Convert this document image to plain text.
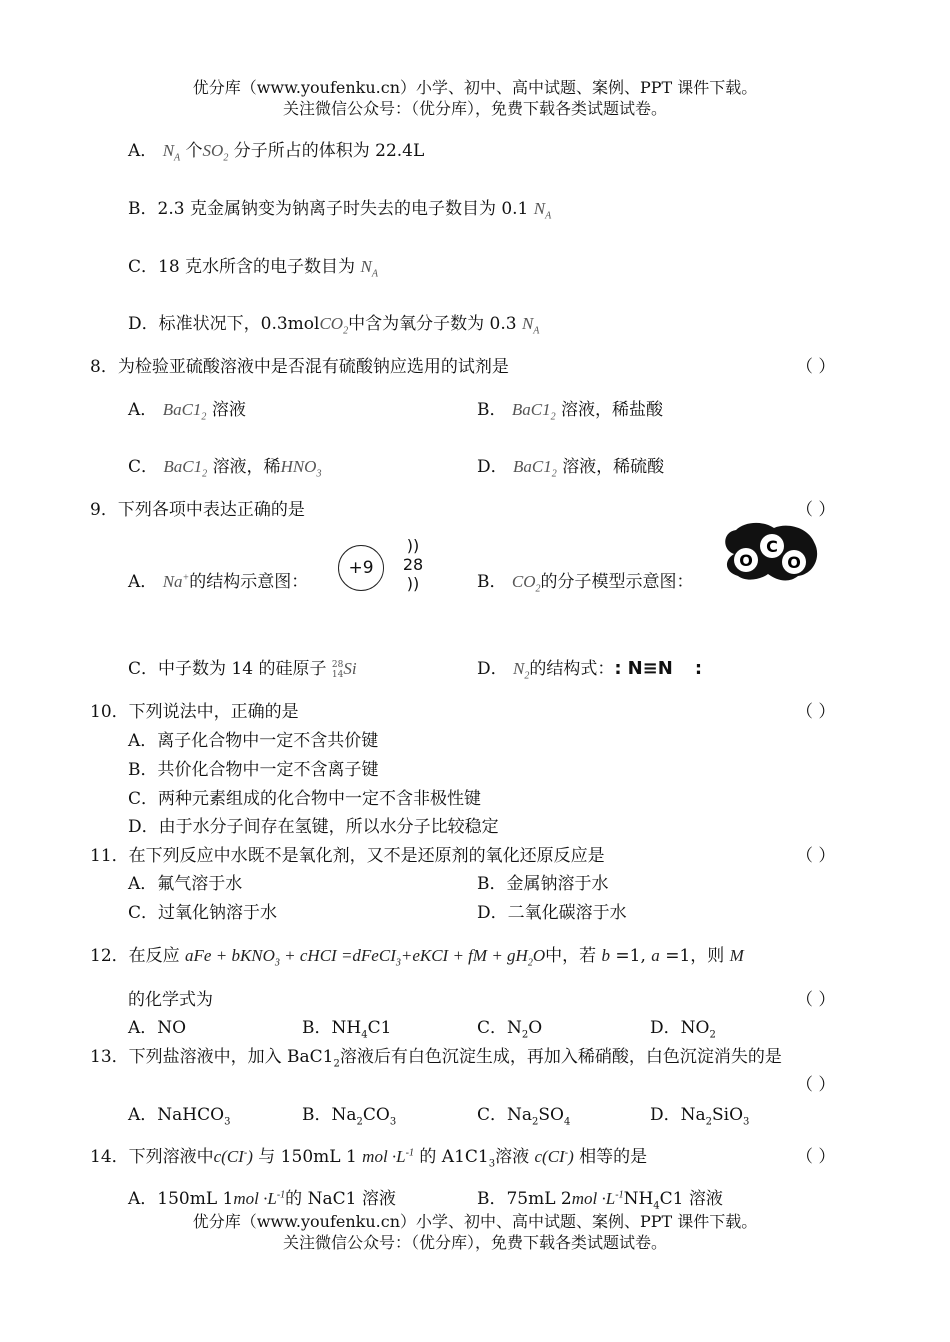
优分库（www.youfenku.cn）小学、初中、高中试题、案例、PPT 课件下载。
关注微信公众号：（优分库），免费下载各类试题试卷。
A． $N_A$ 个$SO_2$ 分子所占的体积为 22.4L
B．2.3 克金属钠变为钠离子时失去的电子数目为 0.1 $N_A$
C．18 克水所含的电子数目为 $N_A$
D．标准状况下，0.3molCO$_2$中含为氧分子数为 0.3 $N_A$
8．为检验亚硫酸溶液中是否混有硫酸钠应选用的试剂是	（ ）
A． $BaC1_2$ 溶液	B． $BaC1_2$ 溶液，稀盐酸
C． $BaC1_2$ 溶液，稀$HNO_3$	D． $BaC1_2$ 溶液，稀硫酸
9．下列各项中表达正确的是	（ ）
A． Na+的结构示意图：
+9
))
28
))	B． $CO_2$的分子模型示意图：
O
C
O
C．中子数为 14 的硅原子 28
14 Si	D． $N_2$的结构式：: N≡N :
10．下列说法中，正确的是	（ ）
A．离子化合物中一定不含共价键
B．共价化合物中一定不含离子键
C．两种元素组成的化合物中一定不含非极性键
D．由于水分子间存在氢键，所以水分子比较稳定
11．在下列反应中水既不是氧化剂，又不是还原剂的氧化还原反应是	（ ）
A．氟气溶于水	B．金属钠溶于水
C．过氧化钠溶于水	D．二氧化碳溶于水
12．在反应 aFe + bKNO$_3$ + cHCI =dFeCI$_3$+eKCI + fM + $gH_2O$中，若 b =1, a =1，则 M
的化学式为	（ ）
A．NO	B．$NH_4C1$	C．$N_2O$	D．$NO_2$
13．下列盐溶液中，加入 $BaC1_2$溶液后有白色沉淀生成，再加入稀硝酸，白色沉淀消失的是
（ ）
A．NaHCO$_3$	B．$Na_2CO_3$	C．$Na_2SO_4$	D．$Na_2SiO_3$
14．下列溶液中c(CI-) 与 150mL 1 mol $\cdot L^{-1}$ 的 $A1C1_3$溶液 c(CI-) 相等的是	（ ）
A．150mL $1mol \cdot L^{-1}$的 NaC1 溶液	B．75mL $2mol \cdot L^{-1}NH_4C1$ 溶液
优分库（www.youfenku.cn）小学、初中、高中试题、案例、PPT 课件下载。
关注微信公众号：（优分库），免费下载各类试题试卷。
